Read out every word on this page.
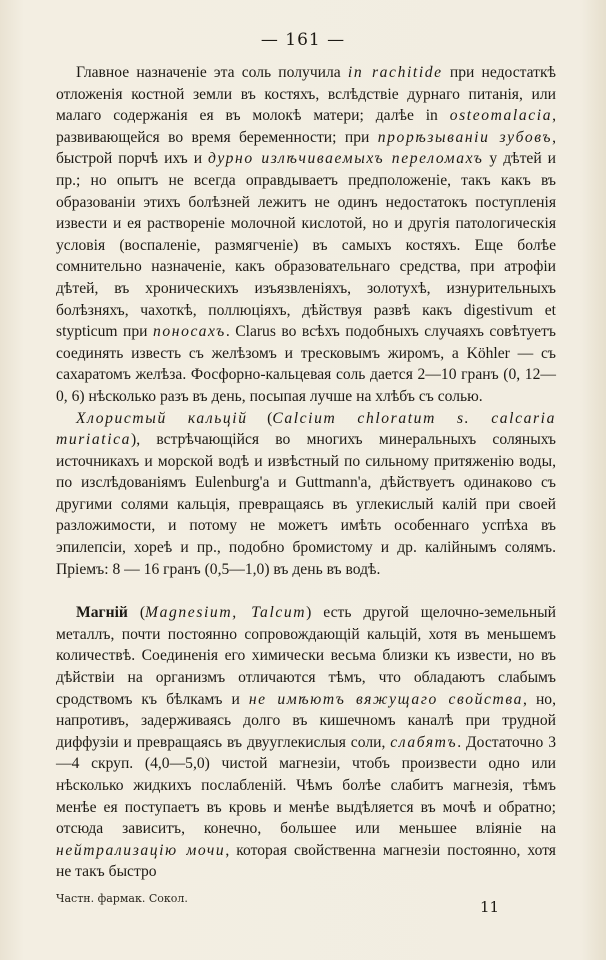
— 161 —

Главное назначеніе эта соль получила in rachitide при недостаткѣ отложенія костной земли въ костяхъ, вслѣдствіе дурнаго питанія, или малаго содержанія ея въ молокѣ матери; далѣе in osteomalacia, развивающейся во время беременности; при прорѣзываніи зубовъ, быстрой порчѣ ихъ и дурно излѣчиваемыхъ переломахъ у дѣтей и пр.; но опытъ не всегда оправдываетъ предположеніе, такъ какъ въ образованіи этихъ болѣзней лежитъ не одинъ недостатокъ поступленія извести и ея раствореніе молочной кислотой, но и другія патологическія условія (воспаленіе, размягченіе) въ самыхъ костяхъ. Еще болѣе сомнительно назначеніе, какъ образовательнаго средства, при атрофіи дѣтей, въ хроническихъ изъязвленіяхъ, золотухѣ, изнурительныхъ болѣзняхъ, чахоткѣ, поллюціяхъ, дѣйствуя развѣ какъ digestivum et stypticum при поносахъ. Clarus во всѣхъ подобныхъ случаяхъ совѣтуетъ соединять известь съ желѣзомъ и тресковымъ жиромъ, а Köhler — съ сахаратомъ желѣза. Фосфорно-кальцевая соль дается 2—10 гранъ (0, 12—0, 6) нѣсколько разъ въ день, посыпая лучше на хлѣбъ съ солью.

Хлористый кальцій (Calcium chloratum s. calcaria muriatica), встрѣчающійся во многихъ минеральныхъ соляныхъ источникахъ и морской водѣ и извѣстный по сильному притяженію воды, по изслѣдованіямъ Eulenburg'a и Guttmann'a, дѣйствуетъ одинаково съ другими солями кальція, превращаясь въ углекислый калій при своей разложимости, и потому не можетъ имѣть особеннаго успѣха въ эпилепсіи, хореѣ и пр., подобно бромистому и др. калійнымъ солямъ. Пріемъ: 8 — 16 гранъ (0,5—1,0) въ день въ водѣ.

Магній (Magnesium, Talcum) есть другой щелочно-земельный металлъ, почти постоянно сопровождающій кальцій, хотя въ меньшемъ количествѣ. Соединенія его химически весьма близки къ извести, но въ дѣйствіи на организмъ отличаются тѣмъ, что обладаютъ слабымъ сродствомъ къ бѣлкамъ и не имѣютъ вяжущаго свойства, но, напротивъ, задерживаясь долго въ кишечномъ каналѣ при трудной диффузіи и превращаясь въ двууглекислыя соли, слабятъ. Достаточно 3—4 скруп. (4,0—5,0) чистой магнезіи, чтобъ произвести одно или нѣсколько жидкихъ послабленій. Чѣмъ болѣе слабитъ магнезія, тѣмъ менѣе ея поступаетъ въ кровь и менѣе выдѣляется въ мочѣ и обратно; отсюда зависитъ, конечно, большее или меньшее вліяніе на нейтрализацію мочи, которая свойственна магнезіи постоянно, хотя не такъ быстро

Частн. фармак. Сокол.	11
